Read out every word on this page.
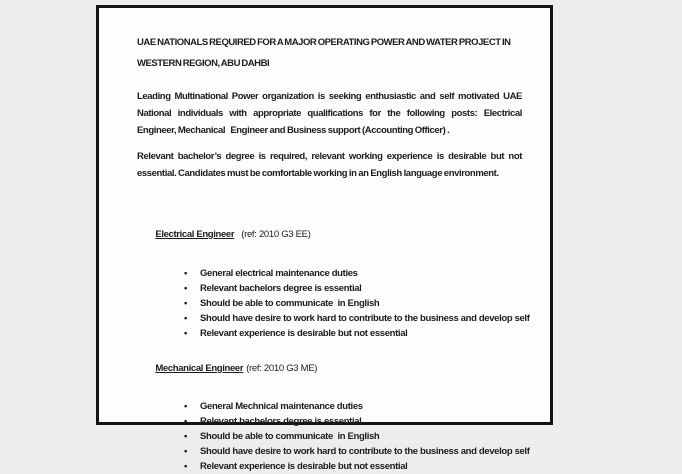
UAE NATIONALS REQUIRED FOR A MAJOR OPERATING POWER AND WATER PROJECT IN
WESTERN REGION, ABU DAHBI
Leading Multinational Power organization is seeking enthusiastic and self motivated UAE
National individuals with appropriate qualifications for the following posts: Electrical
Engineer, Mechanical   Engineer and Business support (Accounting Officer) .
Relevant bachelor’s degree is required, relevant working experience is desirable but not
essential. Candidates must be comfortable working in an English language environment.

Electrical Engineer (ref: 2010 G3 EE)

•	General electrical maintenance duties
•	Relevant bachelors degree is essential
•	Should be able to communicate  in English
•	Should have desire to work hard to contribute to the business and develop self
•	Relevant experience is desirable but not essential

Mechanical Engineer (ref: 2010 G3 ME)

•	General Mechnical maintenance duties
•	Relevant bachelors degree is essential
•	Should be able to communicate  in English
•	Should have desire to work hard to contribute to the business and develop self
•	Relevant experience is desirable but not essential
